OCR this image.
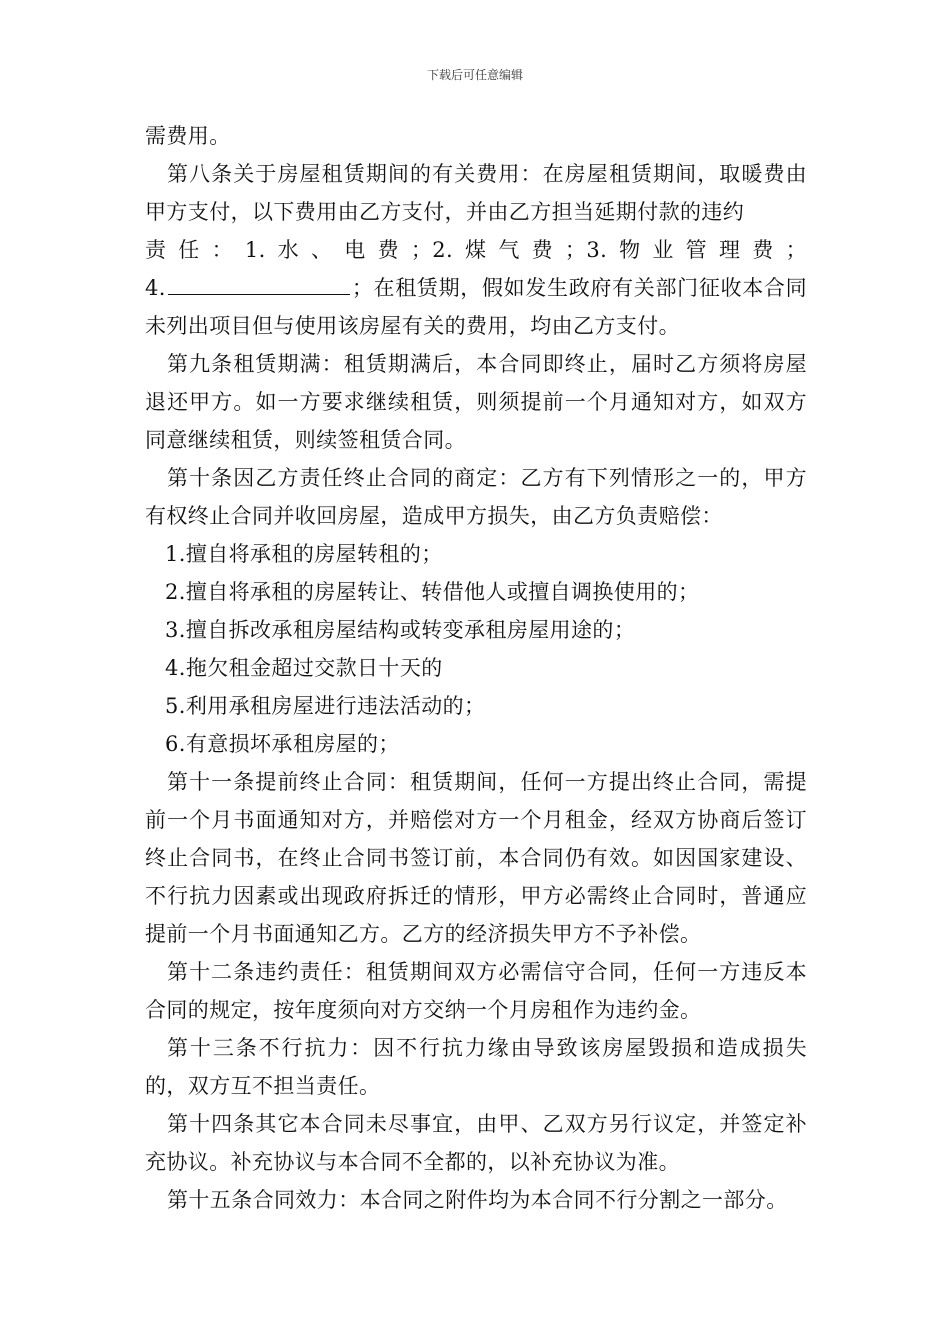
下载后可任意编辑

需费用。

第八条关于房屋租赁期间的有关费用：在房屋租赁期间，取暖费由甲方支付，以下费用由乙方支付，并由乙方担当延期付款的违约

责任：1.水、电费；2.煤气费；3.物业管理费；

4.	；在租赁期，假如发生政府有关部门征收本合同未列出项目但与使用该房屋有关的费用，均由乙方支付。

第九条租赁期满：租赁期满后，本合同即终止，届时乙方须将房屋退还甲方。如一方要求继续租赁，则须提前一个月通知对方，如双方同意继续租赁，则续签租赁合同。

第十条因乙方责任终止合同的商定：乙方有下列情形之一的，甲方有权终止合同并收回房屋，造成甲方损失，由乙方负责赔偿：

1.擅自将承租的房屋转租的；

2.擅自将承租的房屋转让、转借他人或擅自调换使用的；

3.擅自拆改承租房屋结构或转变承租房屋用途的；

4.拖欠租金超过交款日十天的

5.利用承租房屋进行违法活动的；

6.有意损坏承租房屋的；

第十一条提前终止合同：租赁期间，任何一方提出终止合同，需提前一个月书面通知对方，并赔偿对方一个月租金，经双方协商后签订终止合同书，在终止合同书签订前，本合同仍有效。如因国家建设、不行抗力因素或出现政府拆迁的情形，甲方必需终止合同时，普通应提前一个月书面通知乙方。乙方的经济损失甲方不予补偿。

第十二条违约责任：租赁期间双方必需信守合同，任何一方违反本合同的规定，按年度须向对方交纳一个月房租作为违约金。

第十三条不行抗力：因不行抗力缘由导致该房屋毁损和造成损失的，双方互不担当责任。

第十四条其它本合同未尽事宜，由甲、乙双方另行议定，并签定补充协议。补充协议与本合同不全都的，以补充协议为准。

第十五条合同效力：本合同之附件均为本合同不行分割之一部分。
